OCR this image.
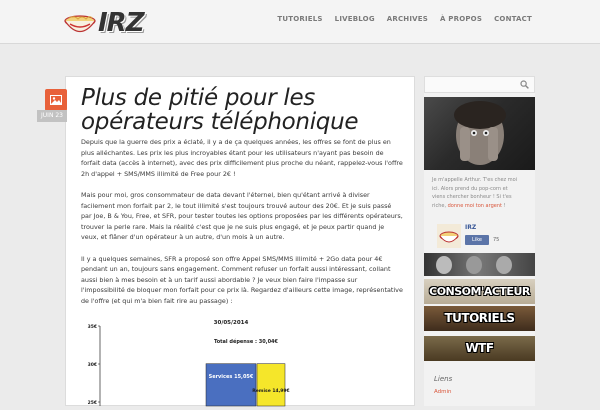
IRZ	TUTORIELS	LIVEBLOG	ARCHIVES	À PROPOS	CONTACT
JUIN 23
Plus de pitié pour les opérateurs téléphonique

Depuis que la guerre des prix a éclaté, il y a de ça quelques années, les offres se font de plus en plus alléchantes. Les prix les plus incroyables étant pour les utilisateurs n'ayant pas besoin de forfait data (accès à internet), avec des prix difficilement plus proche du néant, rappelez-vous l'offre 2h d'appel + SMS/MMS illimité de Free pour 2€ !

Mais pour moi, gros consommateur de data devant l'éternel, bien qu'étant arrivé à diviser facilement mon forfait par 2, le tout illimité s'est toujours trouvé autour des 20€. Et je suis passé par Joe, B & You, Free, et SFR, pour tester toutes les options proposées par les différents opérateurs, trouver la perle rare. Mais la réalité c'est que je ne suis plus engagé, et je peux partir quand je veux, et flâner d'un opérateur à un autre, d'un mois à un autre.

Il y a quelques semaines, SFR a proposé son offre Appel SMS/MMS illimité + 2Go data pour 4€ pendant un an, toujours sans engagement. Comment refuser un forfait aussi intéressant, collant aussi bien à mes besoin et à un tarif aussi abordable ? Je veux bien faire l'impasse sur l'impossibilité de bloquer mon forfait pour ce prix là. Regardez d'ailleurs cette image, représentative de l'offre (et qui m'a bien fait rire au passage) :

30/05/2014
35€
30€
25€
Total dépense : 30,04€
Services 15,05€
Remise 14,99€
Je m'appelle Arthur. T'es chez moi
ici. Alors prend du pop-corn et
viens chercher bonheur ! Si t'es
riche, donne moi ton argent !
IRZ
Like	75
CONSOM'ACTEUR
TUTORIELS
WTF
Liens
Admin
